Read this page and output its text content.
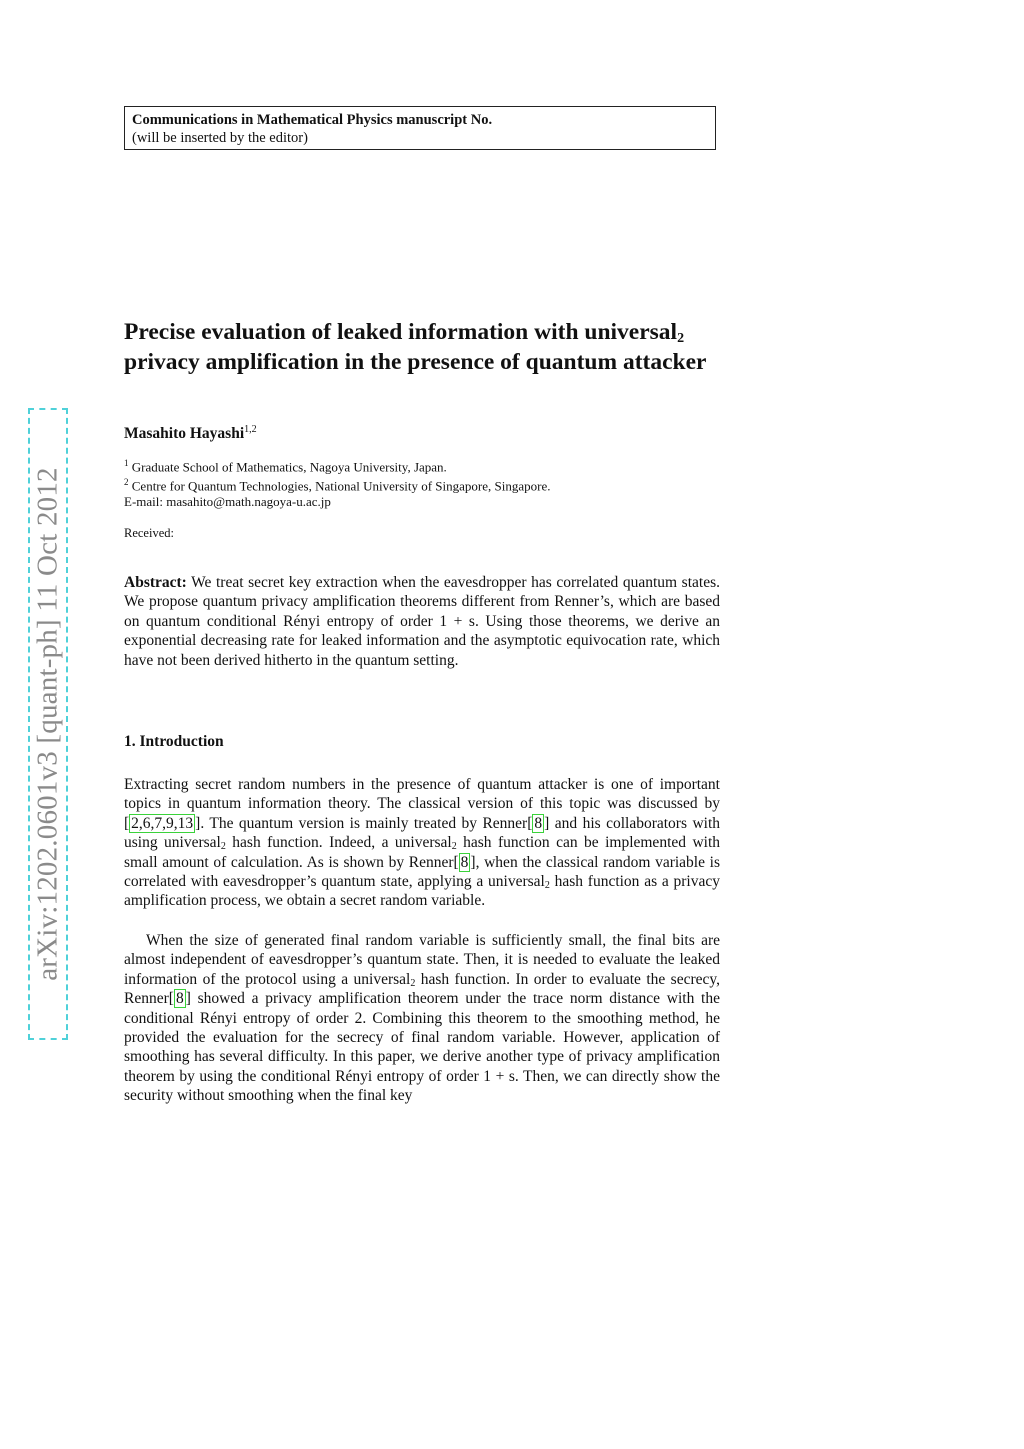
Communications in Mathematical Physics manuscript No.
(will be inserted by the editor)
arXiv:1202.0601v3 [quant-ph] 11 Oct 2012
Precise evaluation of leaked information with universal$_2$ privacy amplification in the presence of quantum attacker
Masahito Hayashi$^{1,2}$
$^1$ Graduate School of Mathematics, Nagoya University, Japan.
$^2$ Centre for Quantum Technologies, National University of Singapore, Singapore.
E-mail: masahito@math.nagoya-u.ac.jp
Received:

Abstract: We treat secret key extraction when the eavesdropper has correlated quantum states. We propose quantum privacy amplification theorems different from Renner’s, which are based on quantum conditional Rényi entropy of order 1 + s. Using those theorems, we derive an exponential decreasing rate for leaked information and the asymptotic equivocation rate, which have not been derived hitherto in the quantum setting.

1. Introduction

Extracting secret random numbers in the presence of quantum attacker is one of important topics in quantum information theory. The classical version of this topic was discussed by [ 2,6,7,9,13 ]. The quantum version is mainly treated by Renner[ 8 ] and his collaborators with using universal$_2$ hash function. Indeed, a universal$_2$ hash function can be implemented with small amount of calculation. As is shown by Renner[ 8 ], when the classical random variable is correlated with eavesdropper’s quantum state, applying a universal$_2$ hash function as a privacy amplification process, we obtain a secret random variable.

When the size of generated final random variable is sufficiently small, the final bits are almost independent of eavesdropper’s quantum state. Then, it is needed to evaluate the leaked information of the protocol using a universal$_2$ hash function. In order to evaluate the secrecy, Renner[ 8 ] showed a privacy amplification theorem under the trace norm distance with the conditional Rényi entropy of order 2. Combining this theorem to the smoothing method, he provided the evaluation for the secrecy of final random variable. However, application of smoothing has several difficulty. In this paper, we derive another type of privacy amplification theorem by using the conditional Rényi entropy of order 1 + s. Then, we can directly show the security without smoothing when the final key
